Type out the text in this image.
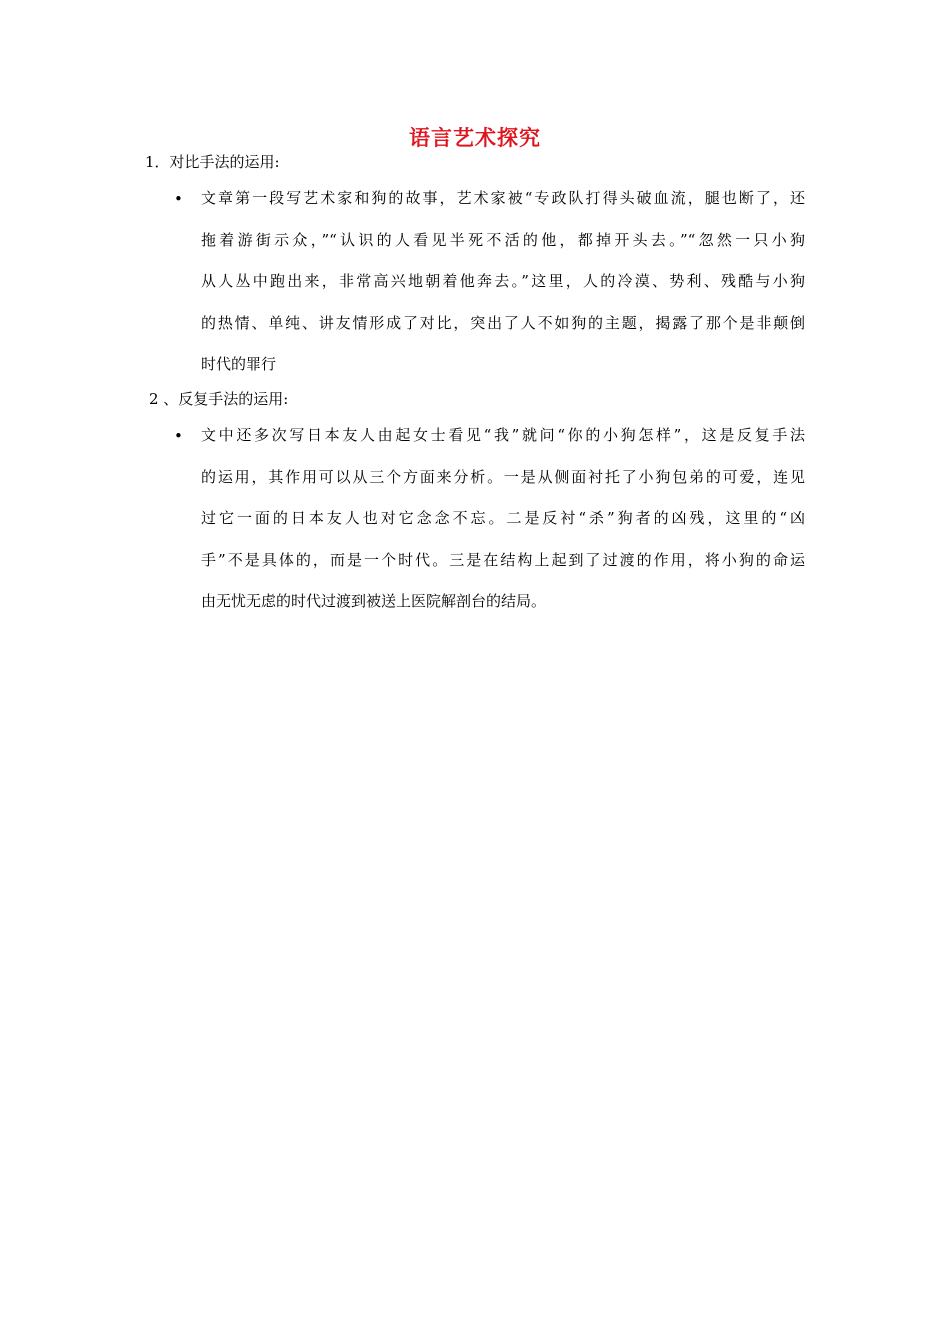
语言艺术探究
1．对比手法的运用:
• 文章第一段写艺术家和狗的故事，艺术家被“专政队打得头破血流，腿也断了，还
拖着游街示众，”“认识的人看见半死不活的他，都掉开头去。”“忽然一只小狗
从人丛中跑出来，非常高兴地朝着他奔去。”这里，人的冷漠、势利、残酷与小狗
的热情、单纯、讲友情形成了对比，突出了人不如狗的主题，揭露了那个是非颠倒
时代的罪行
2 、反复手法的运用:
• 文中还多次写日本友人由起女士看见“我”就问“你的小狗怎样”，这是反复手法
的运用，其作用可以从三个方面来分析。一是从侧面衬托了小狗包弟的可爱，连见
过它一面的日本友人也对它念念不忘。二是反衬“杀”狗者的凶残，这里的“凶
手”不是具体的，而是一个时代。三是在结构上起到了过渡的作用，将小狗的命运
由无忧无虑的时代过渡到被送上医院解剖台的结局。
